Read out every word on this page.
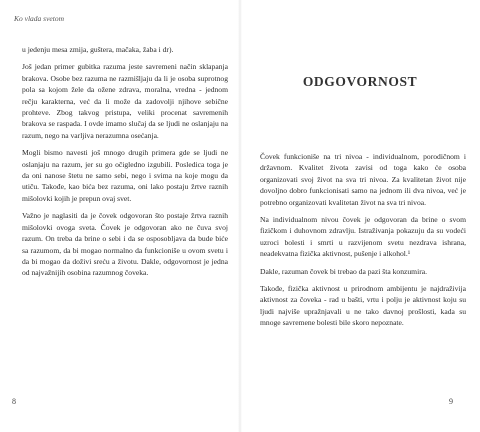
Ko vlada svetom

u jedenju mesa zmija, guštera, mačaka, žaba i dr).

Još jedan primer gubitka razuma jeste savremeni način sklapanja brakova. Osobe bez razuma ne razmišljaju da li je osoba suprotnog pola sa kojom žele da ožene zdrava, moralna, vredna - jednom rečju karakterna, već da li može da zadovolji njihove sebične prohteve. Zbog takvog pristupa, veliki procenat savremenih brakova se raspada. I ovde imamo slučaj da se ljudi ne oslanjaju na razum, nego na varljiva nerazumna osećanja.

Mogli bismo navesti još mnogo drugih primera gde se ljudi ne oslanjaju na razum, jer su go očigledno izgubili. Posledica toga je da oni nanose štetu ne samo sebi, nego i svima na koje mogu da utiču. Takođe, kao bića bez razuma, oni lako postaju žrtve raznih mišolovki kojih je prepun ovaj svet.

Važno je naglasiti da je čovek odgovoran što postaje žrtva raznih mišolovki ovoga sveta. Čovek je odgovoran ako ne čuva svoj razum. On treba da brine o sebi i da se osposobljava da bude biće sa razumom, da bi mogao normalno da funkcioniše u ovom svetu i da bi mogao da doživi sreću a životu. Dakle, odgovornost je jedna od najvažnijih osobina razumnog čoveka.

8
ODGOVORNOST

Čovek funkcioniše na tri nivoa - individualnom, porodičnom i državnom. Kvalitet života zavisi od toga kako će osoba organizovati svoj život na sva tri nivoa. Za kvalitetan život nije dovoljno dobro funkcionisati samo na jednom ili dva nivoa, već je potrebno organizovati kvalitetan život na sva tri nivoa.

Na individualnom nivou čovek je odgovoran da brine o svom fizičkom i duhovnom zdravlju. Istraživanja pokazuju da su vodeći uzroci bolesti i smrti u razvijenom svetu nezdrava ishrana, neadekvatna fizička aktivnost, pušenje i alkohol.¹

Dakle, razuman čovek bi trebao da pazi šta konzumira.

Takođe, fizička aktivnost u prirodnom ambijentu je najdraživija aktivnost za čoveka - rad u bašti, vrtu i polju je aktivnost koju su ljudi najviše upražnjavali u ne tako davnoj prošlosti, kada su mnoge savremene bolesti bile skoro nepoznate.

9
